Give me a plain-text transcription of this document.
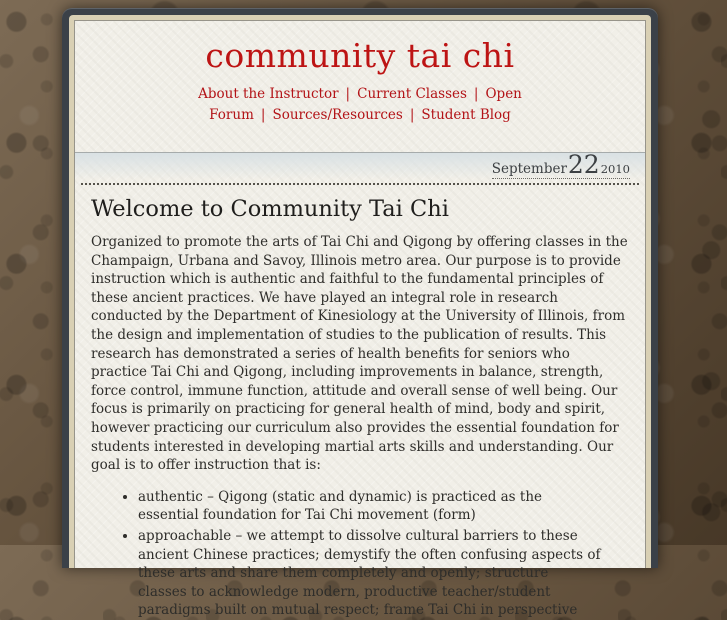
community tai chi
About the Instructor | Current Classes | Open Forum | Sources/Resources | Student Blog
September 22 2010
Welcome to Community Tai Chi

Organized to promote the arts of Tai Chi and Qigong by offering classes in the Champaign, Urbana and Savoy, Illinois metro area. Our purpose is to provide instruction which is authentic and faithful to the fundamental principles of these ancient practices. We have played an integral role in research conducted by the Department of Kinesiology at the University of Illinois, from the design and implementation of studies to the publication of results. This research has demonstrated a series of health benefits for seniors who practice Tai Chi and Qigong, including improvements in balance, strength, force control, immune function, attitude and overall sense of well being. Our focus is primarily on practicing for general health of mind, body and spirit, however practicing our curriculum also provides the essential foundation for students interested in developing martial arts skills and understanding. Our goal is to offer instruction that is:

• authentic – Qigong (static and dynamic) is practiced as the essential foundation for Tai Chi movement (form)
• approachable – we attempt to dissolve cultural barriers to these ancient Chinese practices; demystify the often confusing aspects of these arts and share them completely and openly; structure classes to acknowledge modern, productive teacher/student paradigms built on mutual respect; frame Tai Chi in perspective
